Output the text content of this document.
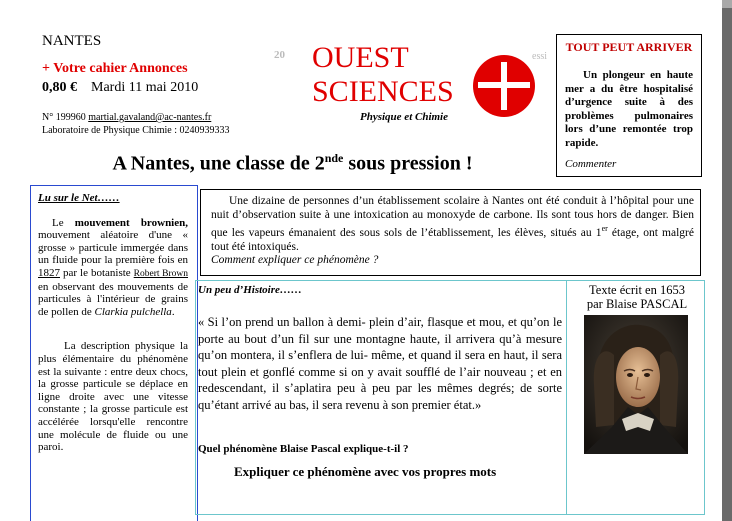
NANTES
+ Votre cahier Annonces
0,80 € Mardi 11 mai 2010
N° 199960 martial.gavaland@ac-nantes.fr
Laboratoire de Physique Chimie : 0240939333
20	essi
OUEST
SCIENCES
Physique et Chimie
TOUT PEUT ARRIVER
Un plongeur en haute mer a du être hospitalisé d’urgence suite à des problèmes pulmonaires lors d’une remontée trop rapide.
Commenter
A Nantes, une classe de 2nde sous pression !
Lu sur le Net……
Le mouvement brownien, mouvement aléatoire d'une « grosse » particule immergée dans un fluide pour la première fois en 1827 par le botaniste Robert Brown en observant des mouvements de particules à l'intérieur de grains de pollen de Clarkia pulchella.
La description physique la plus élémentaire du phénomène est la suivante : entre deux chocs, la grosse particule se déplace en ligne droite avec une vitesse constante ; la grosse particule est accélérée lorsqu'elle rencontre une molécule de fluide ou une paroi.
Une dizaine de personnes d’un établissement scolaire à Nantes ont été conduit à l’hôpital pour une nuit d’observation suite à une intoxication au monoxyde de carbone. Ils sont tous hors de danger. Bien que les vapeurs émanaient des sous sols de l’établissement, les élèves, situés au 1er étage, ont malgré tout été intoxiqués.
Comment expliquer ce phénomène ?
Un peu d’Histoire……
« Si l’on prend un ballon à demi- plein d’air, flasque et mou, et qu’on le porte au bout d’un fil sur une montagne haute, il arrivera qu’à mesure qu’on montera, il s’enflera de lui- même, et quand il sera en haut, il sera tout plein et gonflé comme si on y avait soufflé de l’air nouveau ; et en redescendant, il s’aplatira peu à peu par les mêmes degrés; de sorte qu’étant arrivé au bas, il sera revenu à son premier état.»
Quel phénomène Blaise Pascal explique-t-il ?
Expliquer ce phénomène avec vos propres mots
Texte écrit en 1653
par Blaise PASCAL
